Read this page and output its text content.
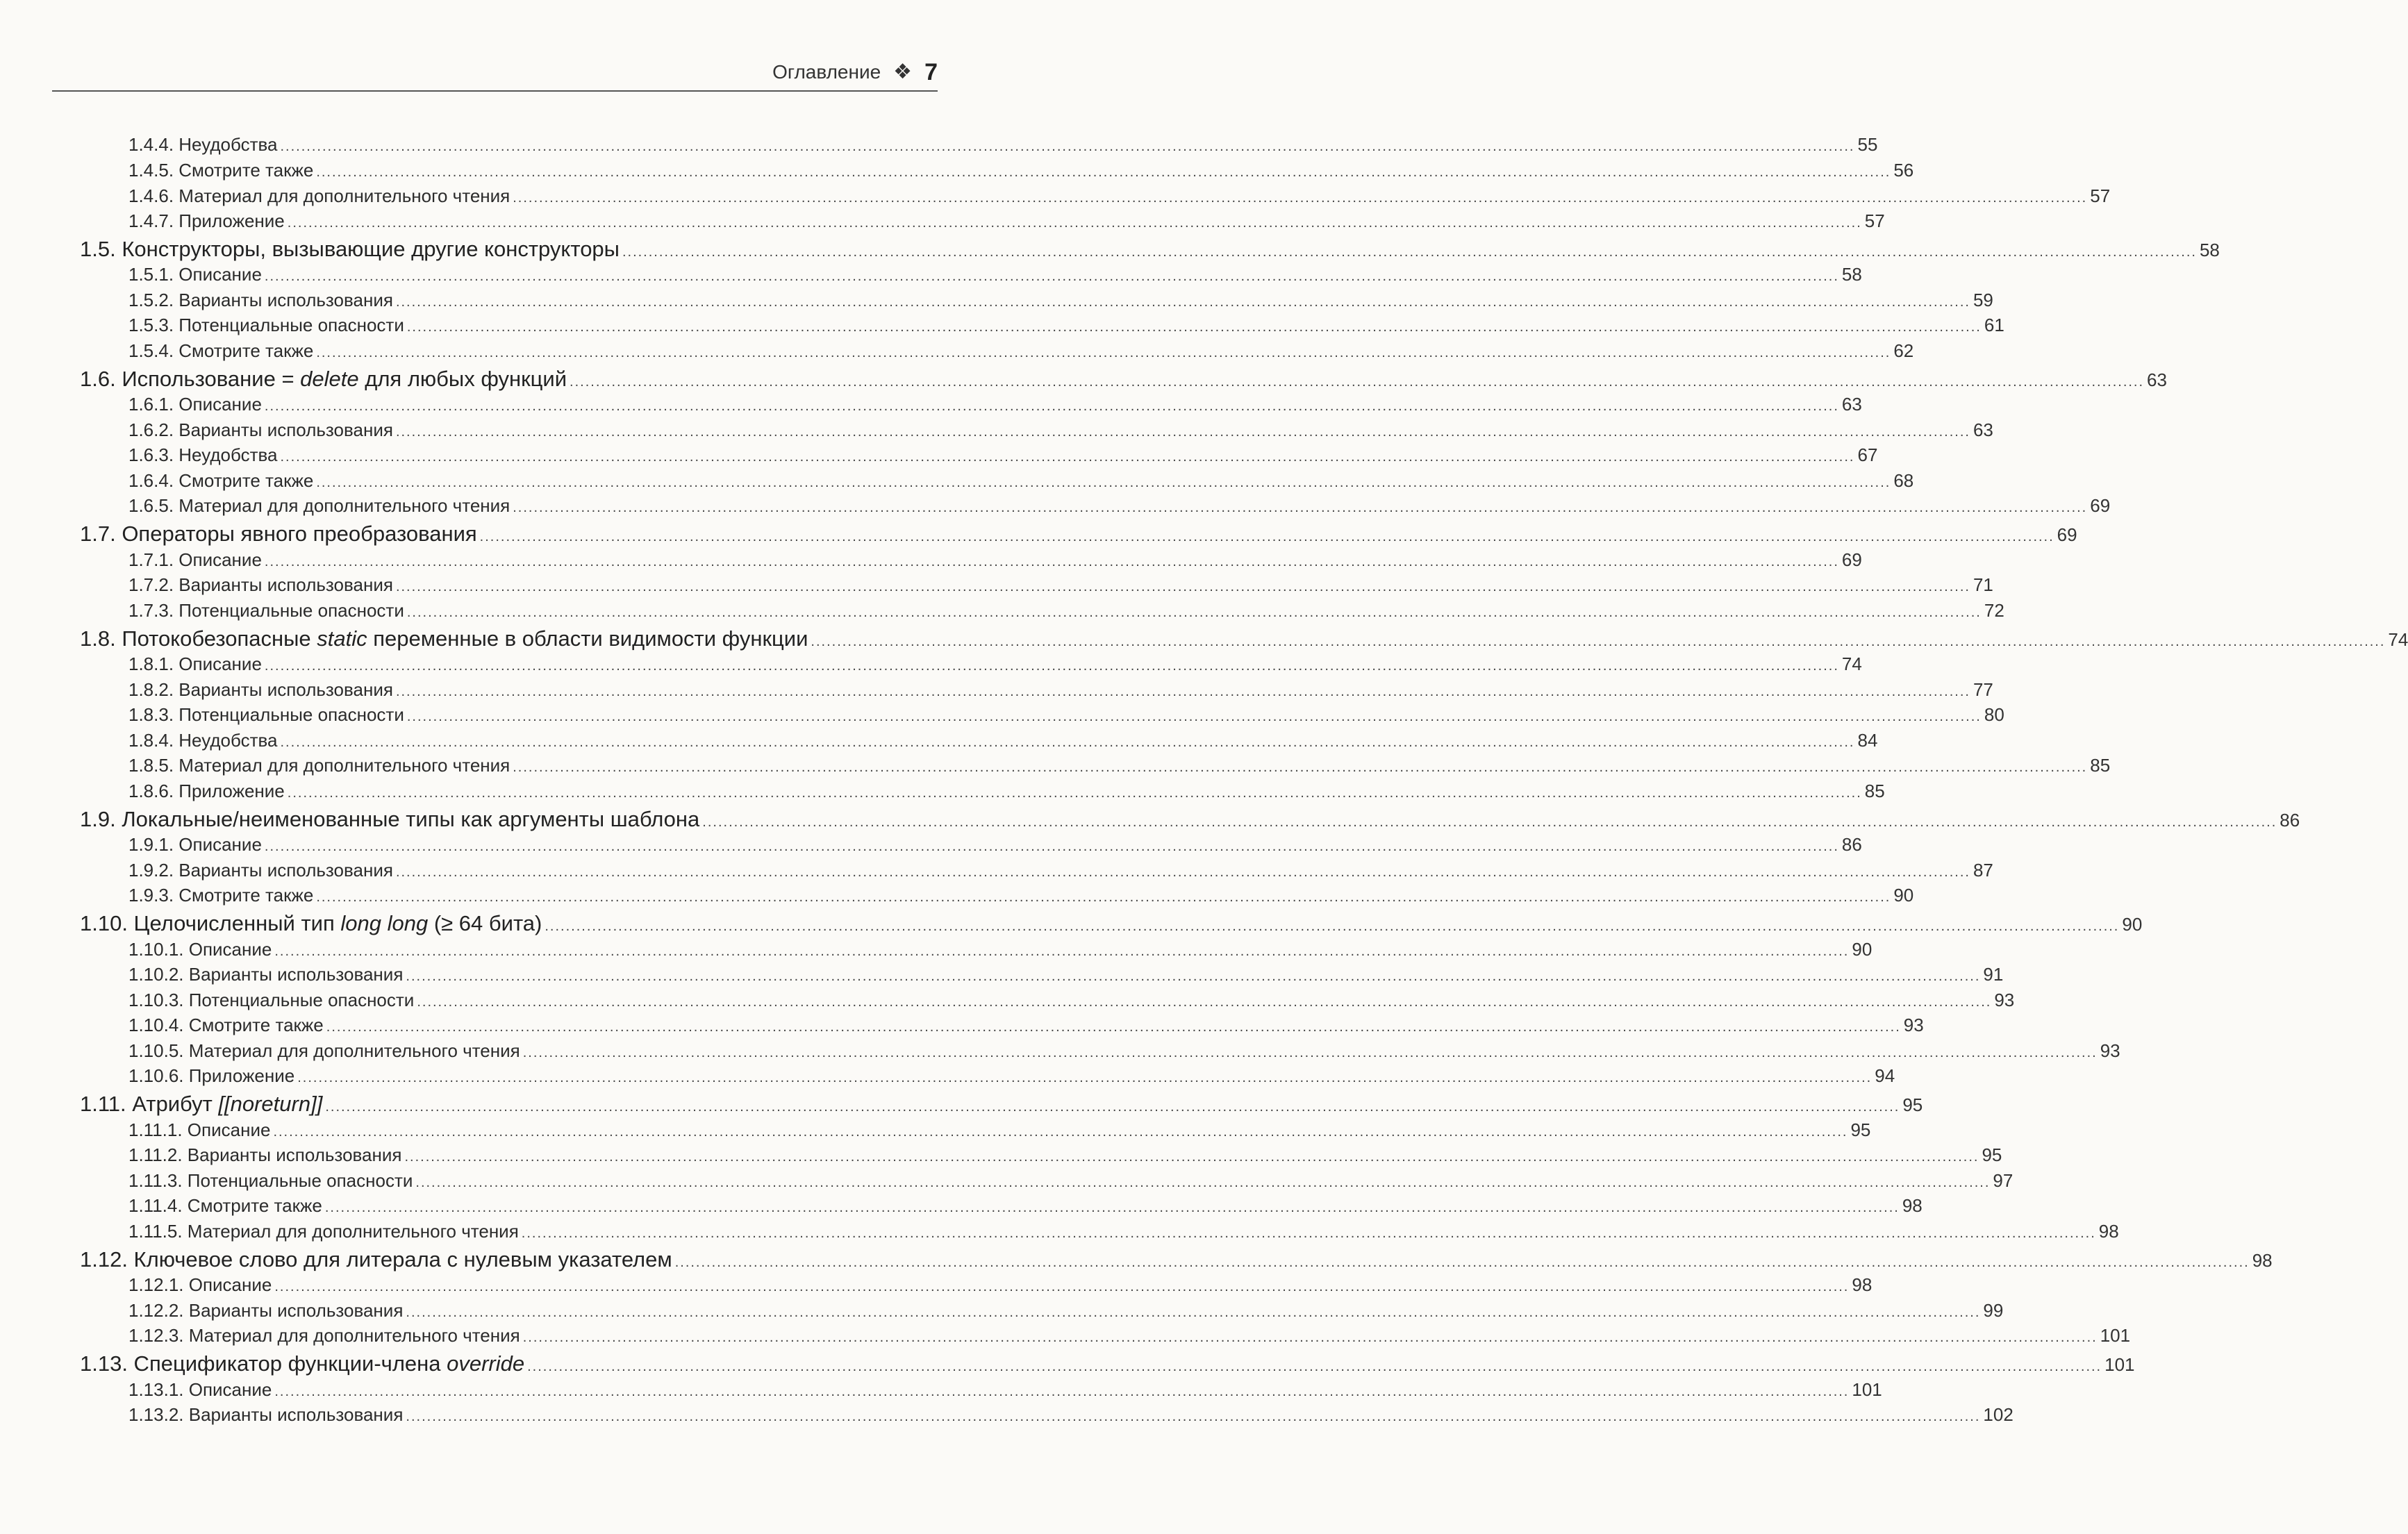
Оглавление ❖ 7
1.4.4. Неудобства ............................................................................................................................................................................................................................................................................................................ 55
1.4.5. Смотрите также ............................................................................................................................................................................................................................................................................................................ 56
1.4.6. Материал для дополнительного чтения ............................................................................................................................................................................................................................................................................................................ 57
1.4.7. Приложение ............................................................................................................................................................................................................................................................................................................ 57
1.5. Конструкторы, вызывающие другие конструкторы ............................................................................................................................................................................................................................................................................................................ 58
1.5.1. Описание ............................................................................................................................................................................................................................................................................................................ 58
1.5.2. Варианты использования ............................................................................................................................................................................................................................................................................................................ 59
1.5.3. Потенциальные опасности ............................................................................................................................................................................................................................................................................................................ 61
1.5.4. Смотрите также ............................................................................................................................................................................................................................................................................................................ 62
1.6. Использование = delete для любых функций ............................................................................................................................................................................................................................................................................................................ 63
1.6.1. Описание ............................................................................................................................................................................................................................................................................................................ 63
1.6.2. Варианты использования ............................................................................................................................................................................................................................................................................................................ 63
1.6.3. Неудобства ............................................................................................................................................................................................................................................................................................................ 67
1.6.4. Смотрите также ............................................................................................................................................................................................................................................................................................................ 68
1.6.5. Материал для дополнительного чтения ............................................................................................................................................................................................................................................................................................................ 69
1.7. Операторы явного преобразования ............................................................................................................................................................................................................................................................................................................ 69
1.7.1. Описание ............................................................................................................................................................................................................................................................................................................ 69
1.7.2. Варианты использования ............................................................................................................................................................................................................................................................................................................ 71
1.7.3. Потенциальные опасности ............................................................................................................................................................................................................................................................................................................ 72
1.8. Потокобезопасные static переменные в области видимости функции ............................................................................................................................................................................................................................................................................................................ 74
1.8.1. Описание ............................................................................................................................................................................................................................................................................................................ 74
1.8.2. Варианты использования ............................................................................................................................................................................................................................................................................................................ 77
1.8.3. Потенциальные опасности ............................................................................................................................................................................................................................................................................................................ 80
1.8.4. Неудобства ............................................................................................................................................................................................................................................................................................................ 84
1.8.5. Материал для дополнительного чтения ............................................................................................................................................................................................................................................................................................................ 85
1.8.6. Приложение ............................................................................................................................................................................................................................................................................................................ 85
1.9. Локальные/неименованные типы как аргументы шаблона ............................................................................................................................................................................................................................................................................................................ 86
1.9.1. Описание ............................................................................................................................................................................................................................................................................................................ 86
1.9.2. Варианты использования ............................................................................................................................................................................................................................................................................................................ 87
1.9.3. Смотрите также ............................................................................................................................................................................................................................................................................................................ 90
1.10. Целочисленный тип long long (≥ 64 бита) ............................................................................................................................................................................................................................................................................................................ 90
1.10.1. Описание ............................................................................................................................................................................................................................................................................................................ 90
1.10.2. Варианты использования ............................................................................................................................................................................................................................................................................................................ 91
1.10.3. Потенциальные опасности ............................................................................................................................................................................................................................................................................................................ 93
1.10.4. Смотрите также ............................................................................................................................................................................................................................................................................................................ 93
1.10.5. Материал для дополнительного чтения ............................................................................................................................................................................................................................................................................................................ 93
1.10.6. Приложение ............................................................................................................................................................................................................................................................................................................ 94
1.11. Атрибут [[noreturn]] ............................................................................................................................................................................................................................................................................................................ 95
1.11.1. Описание ............................................................................................................................................................................................................................................................................................................ 95
1.11.2. Варианты использования ............................................................................................................................................................................................................................................................................................................ 95
1.11.3. Потенциальные опасности ............................................................................................................................................................................................................................................................................................................ 97
1.11.4. Смотрите также ............................................................................................................................................................................................................................................................................................................ 98
1.11.5. Материал для дополнительного чтения ............................................................................................................................................................................................................................................................................................................ 98
1.12. Ключевое слово для литерала с нулевым указателем ............................................................................................................................................................................................................................................................................................................ 98
1.12.1. Описание ............................................................................................................................................................................................................................................................................................................ 98
1.12.2. Варианты использования ............................................................................................................................................................................................................................................................................................................ 99
1.12.3. Материал для дополнительного чтения ............................................................................................................................................................................................................................................................................................................ 101
1.13. Спецификатор функции-члена override ............................................................................................................................................................................................................................................................................................................ 101
1.13.1. Описание ............................................................................................................................................................................................................................................................................................................ 101
1.13.2. Варианты использования ............................................................................................................................................................................................................................................................................................................ 102
